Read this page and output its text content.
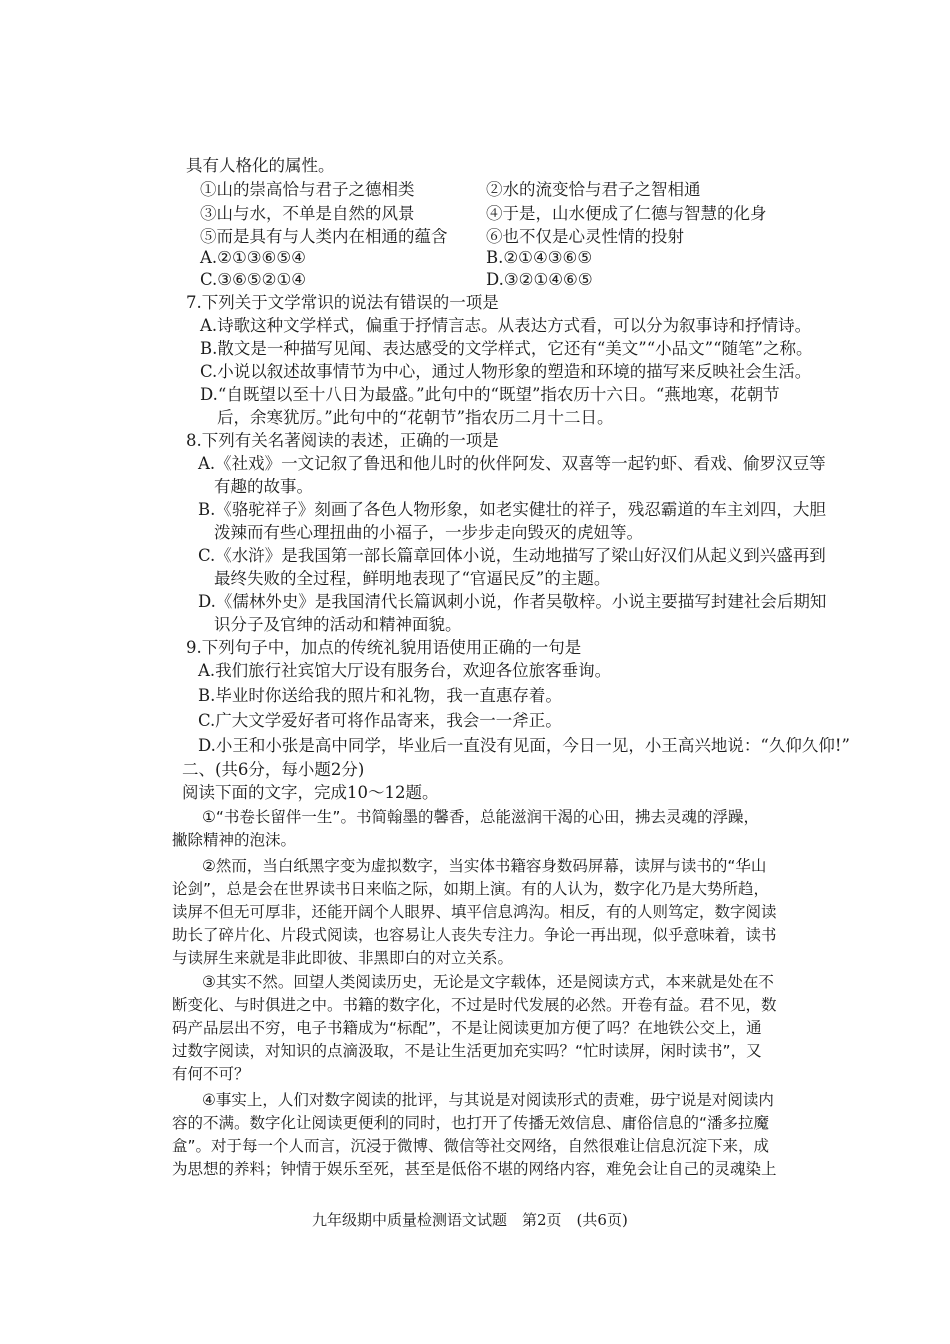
具有人格化的属性。
①山的崇高恰与君子之德相类	②水的流变恰与君子之智相通
③山与水，不单是自然的风景	④于是，山水便成了仁德与智慧的化身
⑤而是具有与人类内在相通的蕴含 ⑥也不仅是心灵性情的投射
A.②①③⑥⑤④	B.②①④③⑥⑤
C.③⑥⑤②①④	D.③②①④⑥⑤
7.下列关于文学常识的说法有错误的一项是
A.诗歌这种文学样式，偏重于抒情言志。从表达方式看，可以分为叙事诗和抒情诗。
B.散文是一种描写见闻、表达感受的文学样式，它还有“美文”“小品文”“随笔”之称。
C.小说以叙述故事情节为中心，通过人物形象的塑造和环境的描写来反映社会生活。
D.“自既望以至十八日为最盛。”此句中的“既望”指农历十六日。“燕地寒，花朝节
后，余寒犹厉。”此句中的“花朝节”指农历二月十二日。
8.下列有关名著阅读的表述，正确的一项是
A.《社戏》一文记叙了鲁迅和他儿时的伙伴阿发、双喜等一起钓虾、看戏、偷罗汉豆等
有趣的故事。
B.《骆驼祥子》刻画了各色人物形象，如老实健壮的祥子，残忍霸道的车主刘四，大胆
泼辣而有些心理扭曲的小福子，一步步走向毁灭的虎妞等。
C.《水浒》是我国第一部长篇章回体小说，生动地描写了梁山好汉们从起义到兴盛再到
最终失败的全过程，鲜明地表现了“官逼民反”的主题。
D.《儒林外史》是我国清代长篇讽刺小说，作者吴敬梓。小说主要描写封建社会后期知
识分子及官绅的活动和精神面貌。
9.下列句子中，加点的传统礼貌用语使用正确的一句是
A.我们旅行社宾馆大厅设有服务台，欢迎各位旅客垂询。
B.毕业时你送给我的照片和礼物，我一直惠存着。
C.广大文学爱好者可将作品寄来，我会一一斧正。
D.小王和小张是高中同学，毕业后一直没有见面，今日一见，小王高兴地说：“久仰久仰!”
二、(共6分，每小题2分)
阅读下面的文字，完成10～12题。
①“书卷长留伴一生”。书简翰墨的馨香，总能滋润干渴的心田，拂去灵魂的浮躁，
撇除精神的泡沫。
②然而，当白纸黑字变为虚拟数字，当实体书籍容身数码屏幕，读屏与读书的“华山
论剑”，总是会在世界读书日来临之际，如期上演。有的人认为，数字化乃是大势所趋，
读屏不但无可厚非，还能开阔个人眼界、填平信息鸿沟。相反，有的人则笃定，数字阅读
助长了碎片化、片段式阅读，也容易让人丧失专注力。争论一再出现，似乎意味着，读书
与读屏生来就是非此即彼、非黑即白的对立关系。
③其实不然。回望人类阅读历史，无论是文字载体，还是阅读方式，本来就是处在不
断变化、与时俱进之中。书籍的数字化，不过是时代发展的必然。开卷有益。君不见，数
码产品层出不穷，电子书籍成为“标配”，不是让阅读更加方便了吗？在地铁公交上，通
过数字阅读，对知识的点滴汲取，不是让生活更加充实吗？“忙时读屏，闲时读书”，又
有何不可？
④事实上，人们对数字阅读的批评，与其说是对阅读形式的责难，毋宁说是对阅读内
容的不满。数字化让阅读更便利的同时，也打开了传播无效信息、庸俗信息的“潘多拉魔
盒”。对于每一个人而言，沉浸于微博、微信等社交网络，自然很难让信息沉淀下来，成
为思想的养料；钟情于娱乐至死，甚至是低俗不堪的网络内容，难免会让自己的灵魂染上
九年级期中质量检测语文试题　第2页　(共6页)
